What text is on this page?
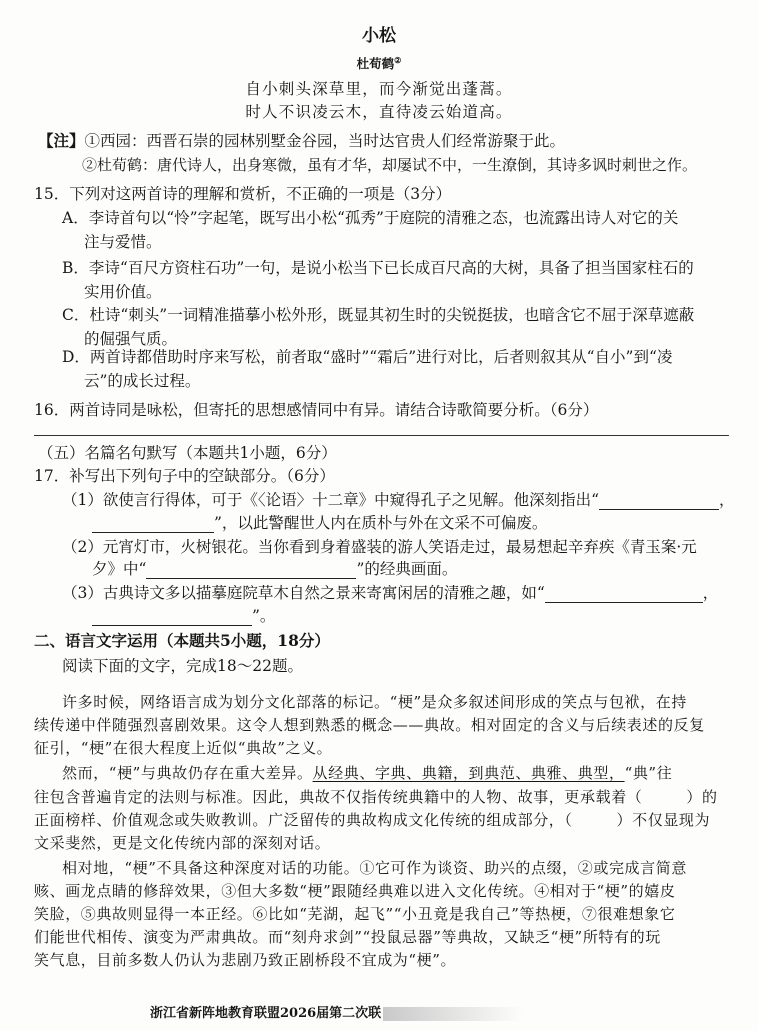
小松
杜荀鹤②
自小刺头深草里，而今渐觉出蓬蒿。
时人不识凌云木，直待凌云始道高。
【注】①西园：西晋石崇的园林别墅金谷园，当时达官贵人们经常游聚于此。
②杜荀鹤：唐代诗人，出身寒微，虽有才华，却屡试不中，一生潦倒，其诗多讽时刺世之作。
15．下列对这两首诗的理解和赏析，不正确的一项是（3分）
A．李诗首句以“怜”字起笔，既写出小松“孤秀”于庭院的清雅之态，也流露出诗人对它的关
注与爱惜。
B．李诗“百尺方资柱石功”一句，是说小松当下已长成百尺高的大树，具备了担当国家柱石的
实用价值。
C．杜诗“刺头”一词精准描摹小松外形，既显其初生时的尖锐挺拔，也暗含它不屈于深草遮蔽
的倔强气质。
D．两首诗都借助时序来写松，前者取“盛时”“霜后”进行对比，后者则叙其从“自小”到“凌
云”的成长过程。
16．两首诗同是咏松，但寄托的思想感情同中有异。请结合诗歌简要分析。（6分）
（五）名篇名句默写（本题共1小题，6分）
17．补写出下列句子中的空缺部分。（6分）
（1）欲使言行得体，可于《〈论语〉十二章》中窥得孔子之见解。他深刻指出“	，
”，以此警醒世人内在质朴与外在文采不可偏废。
（2）元宵灯市，火树银花。当你看到身着盛装的游人笑语走过，最易想起辛弃疾《青玉案·元
夕》中“	”的经典画面。
（3）古典诗文多以描摹庭院草木自然之景来寄寓闲居的清雅之趣，如“	，
”。
二、语言文字运用（本题共5小题，18分）
阅读下面的文字，完成18～22题。
许多时候，网络语言成为划分文化部落的标记。“梗”是众多叙述间形成的笑点与包袱，在持
续传递中伴随强烈喜剧效果。这令人想到熟悉的概念——典故。相对固定的含义与后续表述的反复
征引，“梗”在很大程度上近似“典故”之义。
然而，“梗”与典故仍存在重大差异。从经典、字典、典籍，到典范、典雅、典型，“典”往
往包含普遍肯定的法则与标准。因此，典故不仅指传统典籍中的人物、故事，更承载着（	）的
正面榜样、价值观念或失败教训。广泛留传的典故构成文化传统的组成部分，（	）不仅显现为
文采斐然，更是文化传统内部的深刻对话。
相对地，“梗”不具备这种深度对话的功能。①它可作为谈资、助兴的点缀，②或完成言简意
赅、画龙点睛的修辞效果，③但大多数“梗”跟随经典难以进入文化传统。④相对于“梗”的嬉皮
笑脸，⑤典故则显得一本正经。⑥比如“芜湖，起飞”“小丑竟是我自己”等热梗，⑦很难想象它
们能世代相传、演变为严肃典故。而“刻舟求剑”“投鼠忌器”等典故，又缺乏“梗”所特有的玩
笑气息，目前多数人仍认为悲剧乃致正剧桥段不宜成为“梗”。
浙江省新阵地教育联盟2026届第二次联
